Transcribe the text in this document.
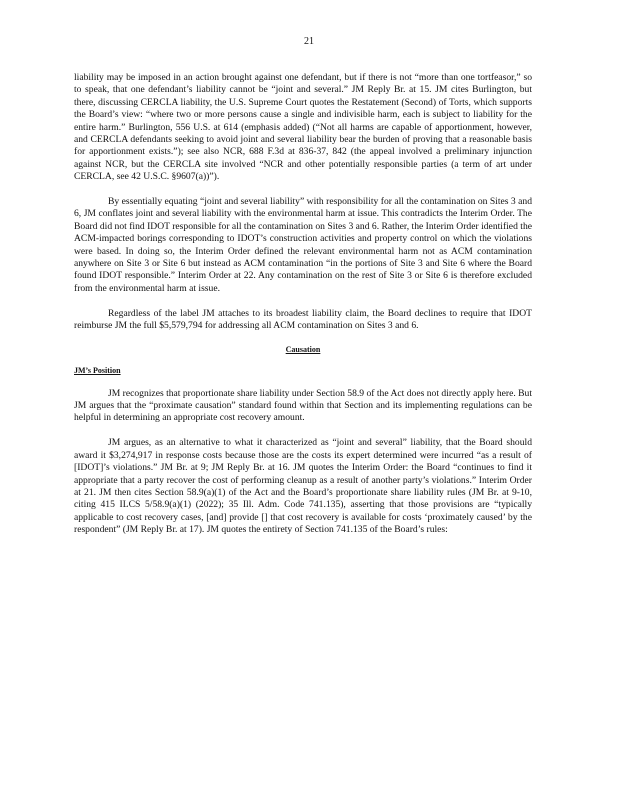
21

liability may be imposed in an action brought against one defendant, but if there is not “more than one tortfeasor,” so to speak, that one defendant’s liability cannot be “joint and several.” JM Reply Br. at 15. JM cites Burlington, but there, discussing CERCLA liability, the U.S. Supreme Court quotes the Restatement (Second) of Torts, which supports the Board’s view: “where two or more persons cause a single and indivisible harm, each is subject to liability for the entire harm.” Burlington, 556 U.S. at 614 (emphasis added) (“Not all harms are capable of apportionment, however, and CERCLA defendants seeking to avoid joint and several liability bear the burden of proving that a reasonable basis for apportionment exists.”); see also NCR, 688 F.3d at 836-37, 842 (the appeal involved a preliminary injunction against NCR, but the CERCLA site involved “NCR and other potentially responsible parties (a term of art under CERCLA, see 42 U.S.C. §9607(a))”).

By essentially equating “joint and several liability” with responsibility for all the contamination on Sites 3 and 6, JM conflates joint and several liability with the environmental harm at issue. This contradicts the Interim Order. The Board did not find IDOT responsible for all the contamination on Sites 3 and 6. Rather, the Interim Order identified the ACM-impacted borings corresponding to IDOT’s construction activities and property control on which the violations were based. In doing so, the Interim Order defined the relevant environmental harm not as ACM contamination anywhere on Site 3 or Site 6 but instead as ACM contamination “in the portions of Site 3 and Site 6 where the Board found IDOT responsible.” Interim Order at 22. Any contamination on the rest of Site 3 or Site 6 is therefore excluded from the environmental harm at issue.

Regardless of the label JM attaches to its broadest liability claim, the Board declines to require that IDOT reimburse JM the full $5,579,794 for addressing all ACM contamination on Sites 3 and 6.

Causation

JM’s Position

JM recognizes that proportionate share liability under Section 58.9 of the Act does not directly apply here. But JM argues that the “proximate causation” standard found within that Section and its implementing regulations can be helpful in determining an appropriate cost recovery amount.

JM argues, as an alternative to what it characterized as “joint and several” liability, that the Board should award it $3,274,917 in response costs because those are the costs its expert determined were incurred “as a result of [IDOT]’s violations.” JM Br. at 9; JM Reply Br. at 16. JM quotes the Interim Order: the Board “continues to find it appropriate that a party recover the cost of performing cleanup as a result of another party’s violations.” Interim Order at 21. JM then cites Section 58.9(a)(1) of the Act and the Board’s proportionate share liability rules (JM Br. at 9-10, citing 415 ILCS 5/58.9(a)(1) (2022); 35 Ill. Adm. Code 741.135), asserting that those provisions are “typically applicable to cost recovery cases, [and] provide [] that cost recovery is available for costs ‘proximately caused’ by the respondent” (JM Reply Br. at 17). JM quotes the entirety of Section 741.135 of the Board’s rules:
